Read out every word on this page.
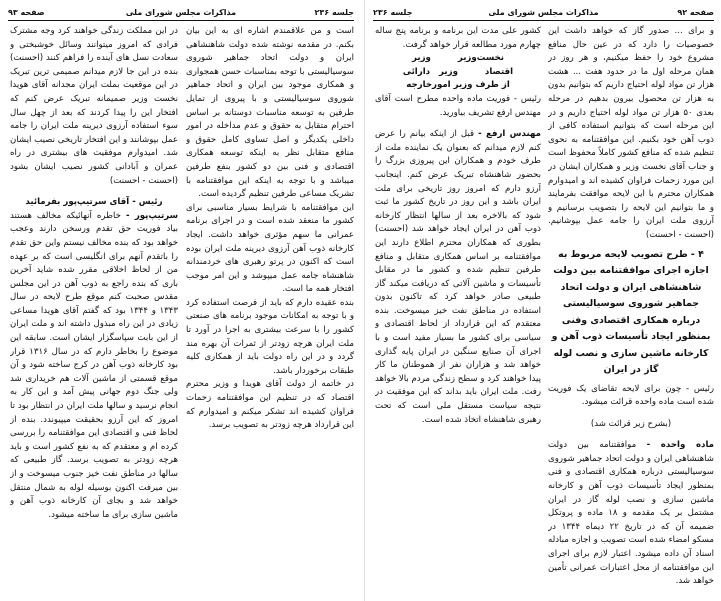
جلسه ۲۳۶
مذاکرات مجلس شورای ملی
صفحه ۹۳

است و من علاقمندم اشاره ای به این بیان بکنم. در مقدمه نوشته شده دولت شاهنشاهی ایران و دولت اتحاد جماهیر شوروی سوسیالیستی با توجه بمناسبات حسن همجواری و همکاری موجود بین ایران و اتحاد جماهیر شوروی سوسیالیستی و با پیروی از تمایل طرفین به توسعه مناسبات دوستانه بر اساس احترام متقابل به حقوق و عدم مداخله در امور داخلی یکدیگر و اصل تساوی کامل حقوق و منافع متقابل نظر به اینکه توسعه همکاری اقتصادی و فنی بین دو کشور بنفع طرفین میباشد و با توجه به اینکه این موافقتنامه با تشریک مساعی طرفین تنظیم گردیده است.

این موافقتنامه با شرایط بسیار مناسبی برای کشور ما منعقد شده است و در اجرای برنامه عمرانی ما سهم مؤثری خواهد داشت. ایجاد کارخانه ذوب آهن آرزوی دیرینه ملت ایران بوده است که اکنون در پرتو رهبری های خردمندانه شاهنشاه جامه عمل میپوشد و این امر موجب افتخار همه ما است.

بنده عقیده دارم که باید از فرصت استفاده کرد و با توجه به امکانات موجود برنامه های صنعتی کشور را با سرعت بیشتری به اجرا در آورد تا ملت ایران هرچه زودتر از ثمرات آن بهره مند گردد و در این راه دولت باید از همکاری کلیه طبقات برخوردار باشد.

در خاتمه از دولت آقای هویدا و وزیر محترم اقتصاد که در تنظیم این موافقتنامه زحمات فراوان کشیده اند تشکر میکنم و امیدوارم که این قرارداد هرچه زودتر به تصویب برسد.

در این مملکت زندگی خواهند کرد وجه مشترک فرادی که امروز میتوانند وسائل خوشبختی و سعادت نسل های آینده را فراهم کنند (احسنت) بنده در این جا لازم میدانم صمیمی ترین تبریک در این موقعیت بملت ایران مجدانه آقای هویدا نخست وزیر صمیمانه تبریک عرض کنم که افتخار این را پیدا کردند که بعد از چهل سال سوء استفاده آرزوی دیرینه ملت ایران را جامه عمل بپوشانند و این افتخار تاریخی نصیب ایشان شد. امیدوارم موفقیت های بیشتری در راه عمران و آبادانی کشور نصیب ایشان بشود (احسنت - احسنت)

رئیس - آقای سرتیپ‌پور بفرمائید

سرتیپ‌پور - خاطره آنهائیکه مخالف هستند بیاد فوریت حق تقدم ورسخن دارند وعجب خواهد بود که بنده مخالف نیستم واین حق تقدم را باتقدم آنهم برای انگلیسی است که بر عهده من از لحاظ اخلاقی مقرر شده شاید آخرین باری که بنده راجع به ذوب آهن در این مجلس مقدس صحبت کنم موقع طرح لایحه در سال ۱۳۴۳ و ۱۳۴۴ بود که گفتم آقای هویدا مساعی زیادی در این راه مبذول داشته اند و ملت ایران از این بابت سپاسگزار ایشان است. سابقه این موضوع را بخاطر دارم که در سال ۱۳۱۶ قرار بود کارخانه ذوب آهن در کرج ساخته شود و آن موقع قسمتی از ماشین آلات هم خریداری شد ولی جنگ دوم جهانی پیش آمد و این کار به انجام نرسید و سالها ملت ایران در انتظار بود تا امروز که این آرزو بحقیقت میپیوندد. بنده از لحاظ فنی و اقتصادی این موافقتنامه را بررسی کرده ام و معتقدم که به نفع کشور است و باید هرچه زودتر به تصویب برسد. گاز طبیعی که سالها در مناطق نفت خیز جنوب میسوخت و از بین میرفت اکنون بوسیله لوله به شمال منتقل خواهد شد و بجای آن کارخانه ذوب آهن و ماشین سازی برای ما ساخته میشود.

صفحه ۹۲
مذاکرات مجلس شورای ملی
جلسه ۲۳۶

و برای ... صدور گاز که خواهد داشت این خصوصیات را دارد که در عین حال منافع مشروع خود را حفظ میکنیم، و هر روز در همان مرحله اول ما در حدود هفت ... هشت هزار تن مواد لوله احتیاج داریم که بتوانیم بدون به هزار تن محصول بیرون بدهیم در مرحله بعدی ۵۰ هزار تن مواد لوله احتیاج داریم و در این مرحله است که بتوانیم استفاده کافی از ذوب آهن خود بکنیم. این موافقتنامه به نحوی تنظیم شده که منافع کشور کاملاً محفوظ است و جناب آقای نخست وزیر و همکاران ایشان در این مورد زحمات فراوان کشیده اند و امیدوارم همکاران محترم با این لایحه موافقت بفرمایند و ما بتوانیم این لایحه را بتصویب برسانیم و آرزوی ملت ایران را جامه عمل بپوشانیم. (احسنت - احسنت)

۴ - طرح تصویب لایحه مربوط به اجازه اجرای موافقتنامه بین دولت شاهنشاهی ایران و دولت اتحاد جماهیر شوروی سوسیالیستی درباره همکاری اقتصادی وفنی بمنظور ایجاد تأسیسات ذوب آهن و کارخانه ماشین سازی و نصب لوله گاز در ایران

رئیس - چون برای لایحه تقاضای یک فوریت شده است ماده واحده قرائت میشود.

(بشرح زیر قرائت شد)

ماده واحده - موافقتنامه بین دولت شاهنشاهی ایران و دولت اتحاد جماهیر شوروی سوسیالیستی درباره همکاری اقتصادی و فنی بمنظور ایجاد تأسیسات ذوب آهن و کارخانه ماشین سازی و نصب لوله گاز در ایران مشتمل بر یک مقدمه و ۱۸ ماده و پروتکل ضمیمه آن که در تاریخ ۲۲ دیماه ۱۳۴۴ در مسکو امضاء شده است تصویب و اجازه مبادله اسناد آن داده میشود. اعتبار لازم برای اجرای این موافقتنامه از محل اعتبارات عمرانی تأمین خواهد شد.

کشور علی مدت این برنامه و برنامه پنج ساله چهارم مورد مطالعه قرار خواهد گرفت.

نخست‌وزیر   وزیر اقتصاد   وزیر دارائی

از طرف وزیر امورخارجه

رئیس - فوریت ماده واحده مطرح است آقای مهندس ارفع تشریف بیاورید.

مهندس ارفع - قبل از اینکه بیانم را عرض کنم لازم میدانم که بعنوان یک نماینده ملت از طرف خودم و همکاران این پیروزی بزرگ را بحضور شاهنشاه تبریک عرض کنم. اینجانب آرزو دارم که امروز روز تاریخی برای ملت ایران باشد و این روز در تاریخ کشور ما ثبت شود که بالاخره بعد از سالها انتظار کارخانه ذوب آهن در ایران ایجاد خواهد شد (احسنت) بطوری که همکاران محترم اطلاع دارند این موافقتنامه بر اساس همکاری متقابل و منافع طرفین تنظیم شده و کشور ما در مقابل تأسیسات و ماشین آلاتی که دریافت میکند گاز طبیعی صادر خواهد کرد که تاکنون بدون استفاده در مناطق نفت خیز میسوخت. بنده معتقدم که این قرارداد از لحاظ اقتصادی و سیاسی برای کشور ما بسیار مفید است و با اجرای آن صنایع سنگین در ایران پایه گذاری خواهد شد و هزاران نفر از هموطنان ما کار پیدا خواهند کرد و سطح زندگی مردم بالا خواهد رفت. ملت ایران باید بداند که این موفقیت در نتیجه سیاست مستقل ملی است که تحت رهبری شاهنشاه اتخاذ شده است.
